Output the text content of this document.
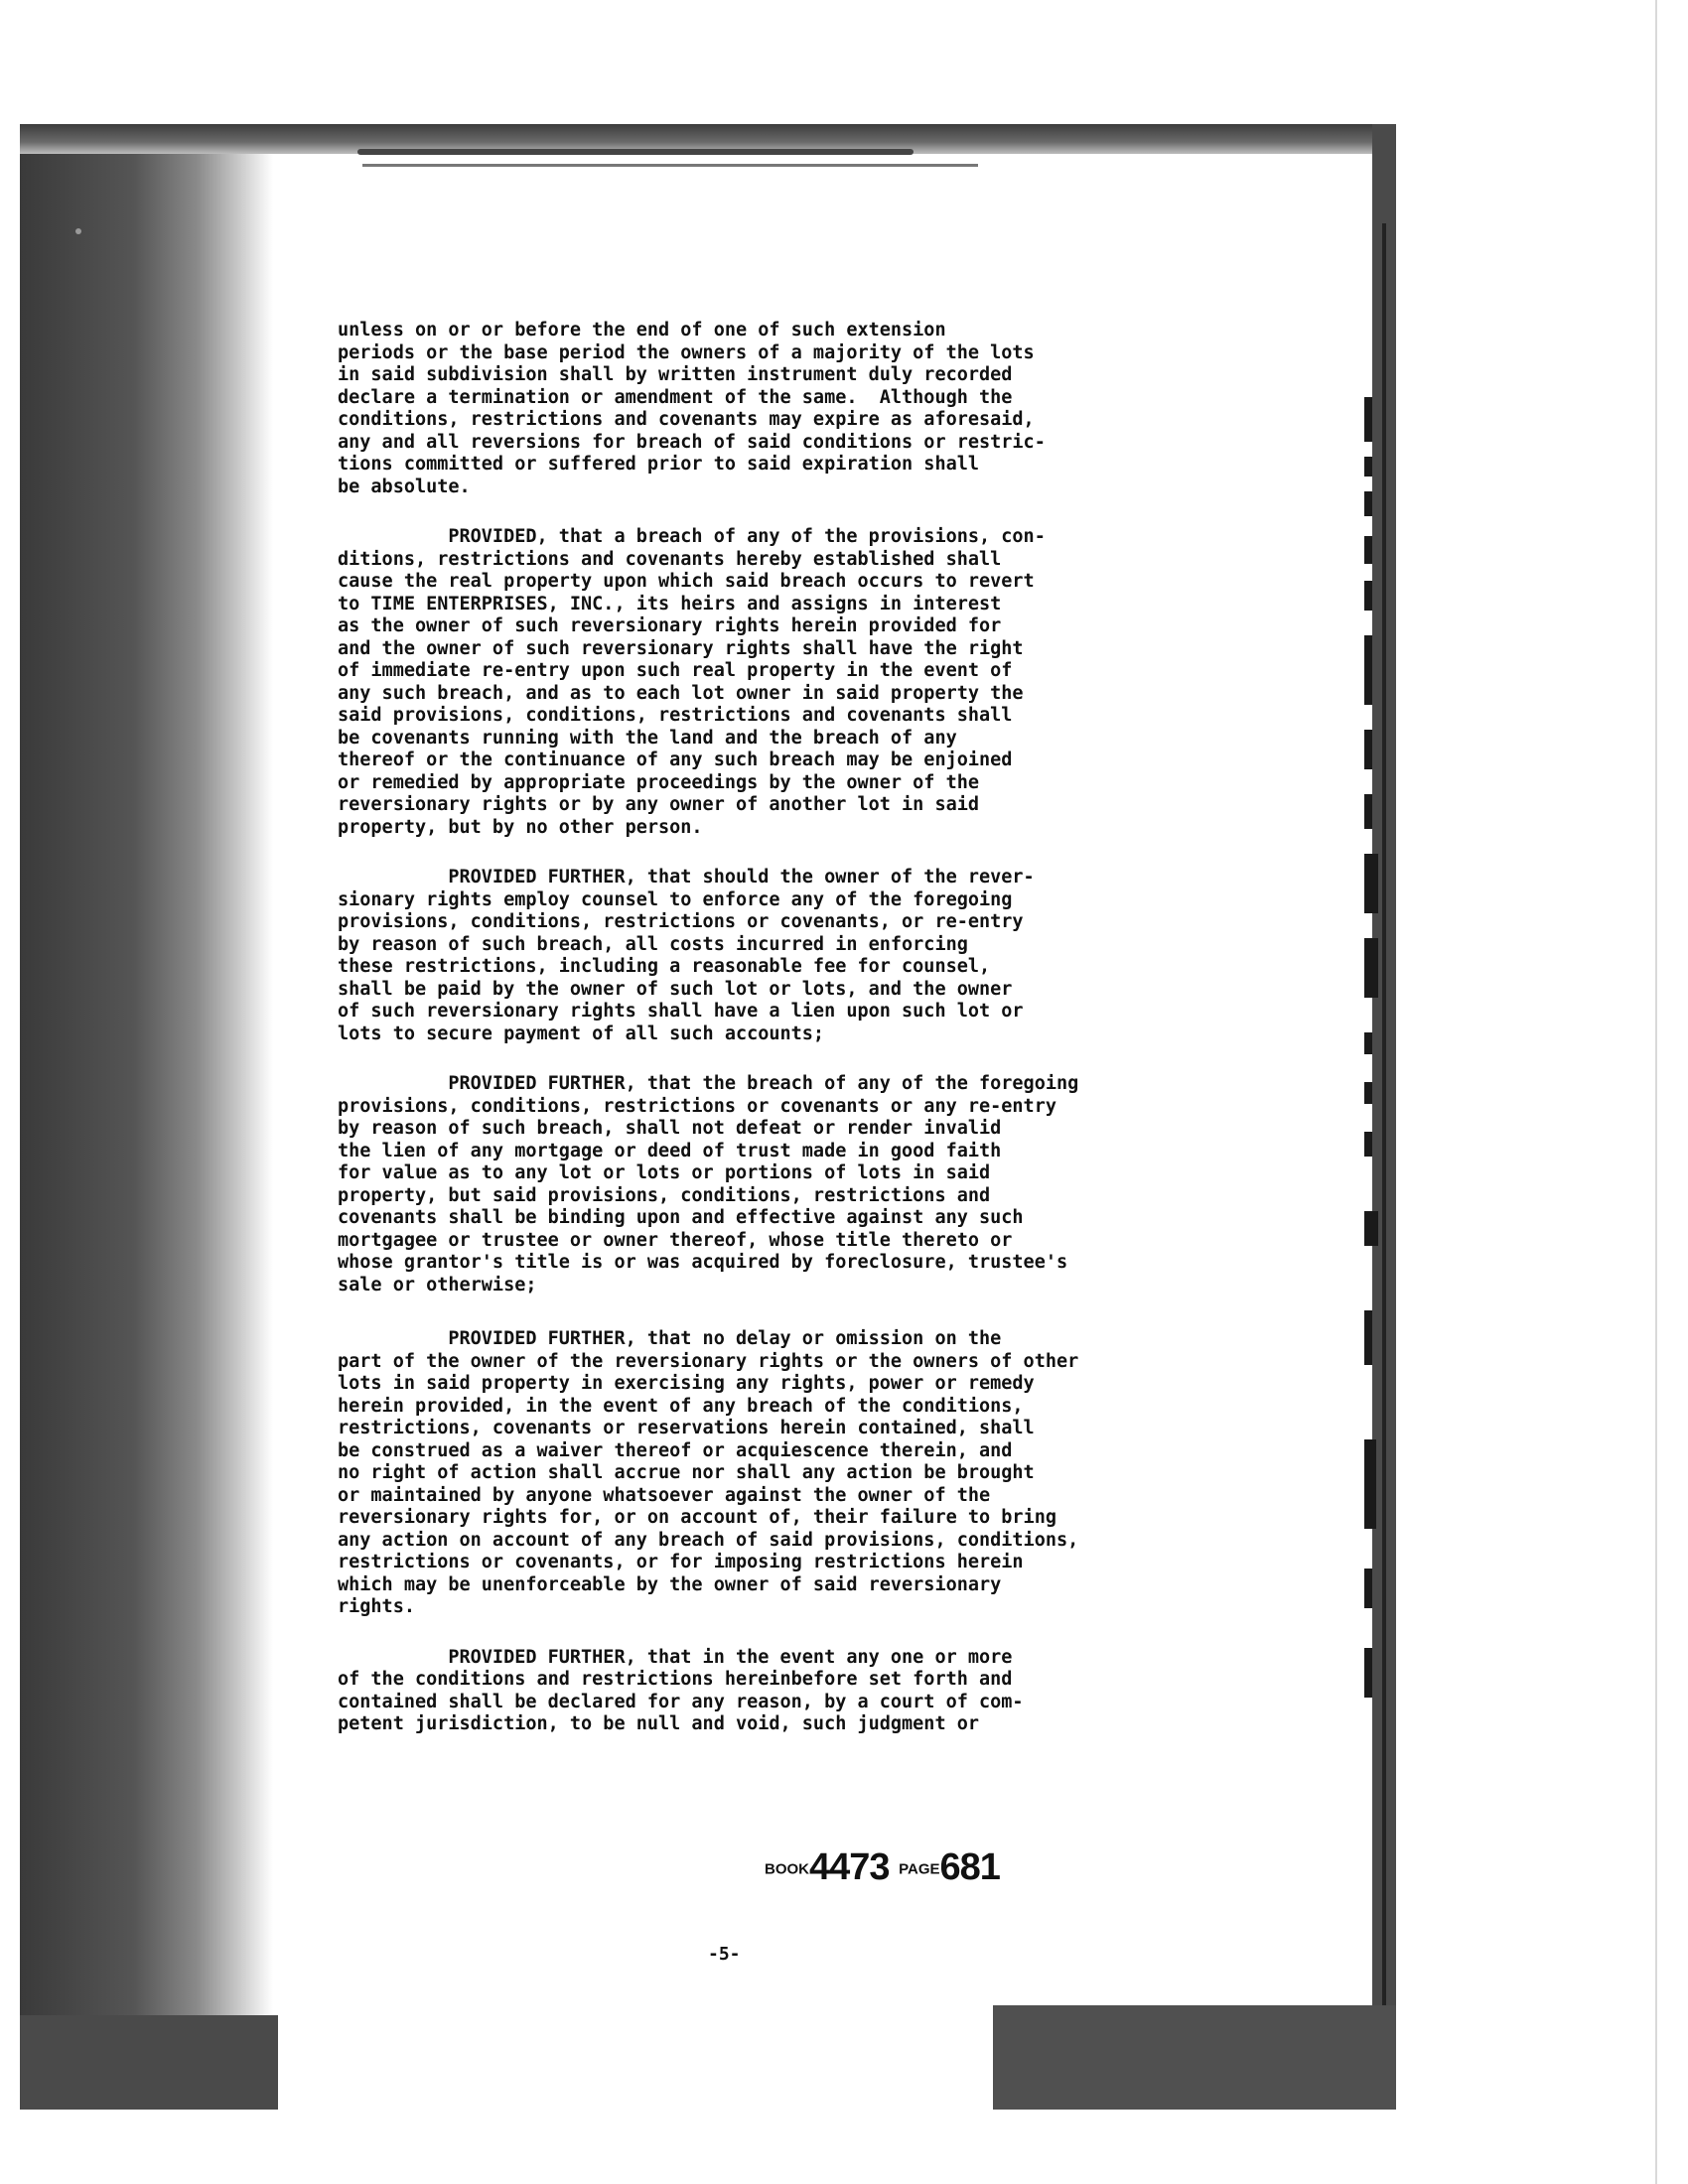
unless on or or before the end of one of such extension
periods or the base period the owners of a majority of the lots
in said subdivision shall by written instrument duly recorded
declare a termination or amendment of the same.  Although the
conditions, restrictions and covenants may expire as aforesaid,
any and all reversions for breach of said conditions or restric-
tions committed or suffered prior to said expiration shall
be absolute.

PROVIDED, that a breach of any of the provisions, con-
ditions, restrictions and covenants hereby established shall
cause the real property upon which said breach occurs to revert
to TIME ENTERPRISES, INC., its heirs and assigns in interest
as the owner of such reversionary rights herein provided for
and the owner of such reversionary rights shall have the right
of immediate re-entry upon such real property in the event of
any such breach, and as to each lot owner in said property the
said provisions, conditions, restrictions and covenants shall
be covenants running with the land and the breach of any
thereof or the continuance of any such breach may be enjoined
or remedied by appropriate proceedings by the owner of the
reversionary rights or by any owner of another lot in said
property, but by no other person.

PROVIDED FURTHER, that should the owner of the rever-
sionary rights employ counsel to enforce any of the foregoing
provisions, conditions, restrictions or covenants, or re-entry
by reason of such breach, all costs incurred in enforcing
these restrictions, including a reasonable fee for counsel,
shall be paid by the owner of such lot or lots, and the owner
of such reversionary rights shall have a lien upon such lot or
lots to secure payment of all such accounts;

PROVIDED FURTHER, that the breach of any of the foregoing
provisions, conditions, restrictions or covenants or any re-entry
by reason of such breach, shall not defeat or render invalid
the lien of any mortgage or deed of trust made in good faith
for value as to any lot or lots or portions of lots in said
property, but said provisions, conditions, restrictions and
covenants shall be binding upon and effective against any such
mortgagee or trustee or owner thereof, whose title thereto or
whose grantor's title is or was acquired by foreclosure, trustee's
sale or otherwise;

PROVIDED FURTHER, that no delay or omission on the
part of the owner of the reversionary rights or the owners of other
lots in said property in exercising any rights, power or remedy
herein provided, in the event of any breach of the conditions,
restrictions, covenants or reservations herein contained, shall
be construed as a waiver thereof or acquiescence therein, and
no right of action shall accrue nor shall any action be brought
or maintained by anyone whatsoever against the owner of the
reversionary rights for, or on account of, their failure to bring
any action on account of any breach of said provisions, conditions,
restrictions or covenants, or for imposing restrictions herein
which may be unenforceable by the owner of said reversionary
rights.

PROVIDED FURTHER, that in the event any one or more
of the conditions and restrictions hereinbefore set forth and
contained shall be declared for any reason, by a court of com-
petent jurisdiction, to be null and void, such judgment or

BOOK4473 PAGE681
-5-
